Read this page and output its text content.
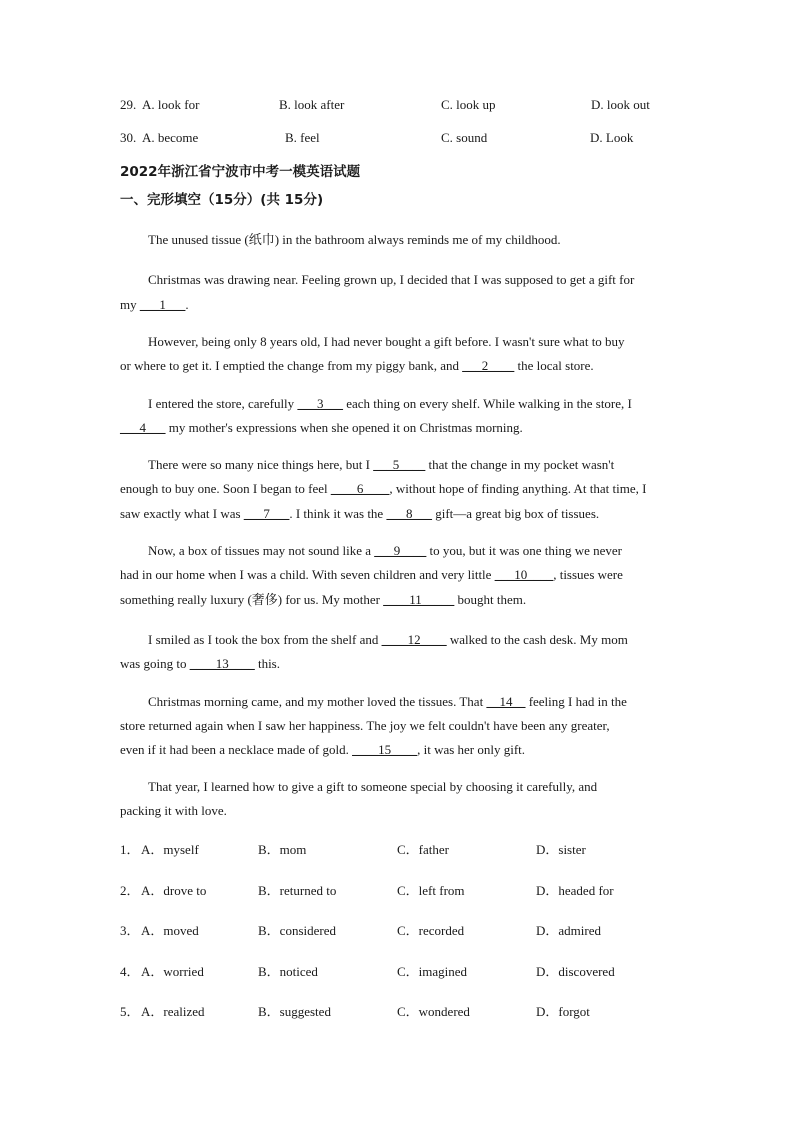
29. A. look for	B. look after	C. look up	D. look out
30. A. become	B. feel	C. sound	D. Look
2022年浙江省宁波市中考一模英语试题
一、完形填空（15分）(共 15分)
The unused tissue (纸巾) in the bathroom always reminds me of my childhood.
Christmas was drawing near. Feeling grown up, I decided that I was supposed to get a gift for
my ___1___.
However, being only 8 years old, I had never bought a gift before. I wasn't sure what to buy
or where to get it. I emptied the change from my piggy bank, and ___2____ the local store.
I entered the store, carefully ___3___ each thing on every shelf. While walking in the store, I
___4___ my mother's expressions when she opened it on Christmas morning.
There were so many nice things here, but I ___5____ that the change in my pocket wasn't
enough to buy one. Soon I began to feel ____6____, without hope of finding anything. At that time, I
saw exactly what I was ___7___. I think it was the ___8___ gift—a great big box of tissues.
Now, a box of tissues may not sound like a ___9____ to you, but it was one thing we never
had in our home when I was a child. With seven children and very little ___10____, tissues were
something really luxury (奢侈) for us. My mother ____11_____ bought them.
I smiled as I took the box from the shelf and ____12____ walked to the cash desk. My mom
was going to ____13____ this.
Christmas morning came, and my mother loved the tissues. That __14__ feeling I had in the
store returned again when I saw her happiness. The joy we felt couldn't have been any greater,
even if it had been a necklace made of gold. ____15____, it was her only gift.
That year, I learned how to give a gift to someone special by choosing it carefully, and
packing it with love.
1． A．myself	B．mom	C．father	D．sister
2． A．drove to	B．returned to	C．left from	D．headed for
3． A．moved	B．considered	C．recorded	D．admired
4． A．worried	B．noticed	C．imagined	D．discovered
5． A．realized	B．suggested	C．wondered	D．forgot
